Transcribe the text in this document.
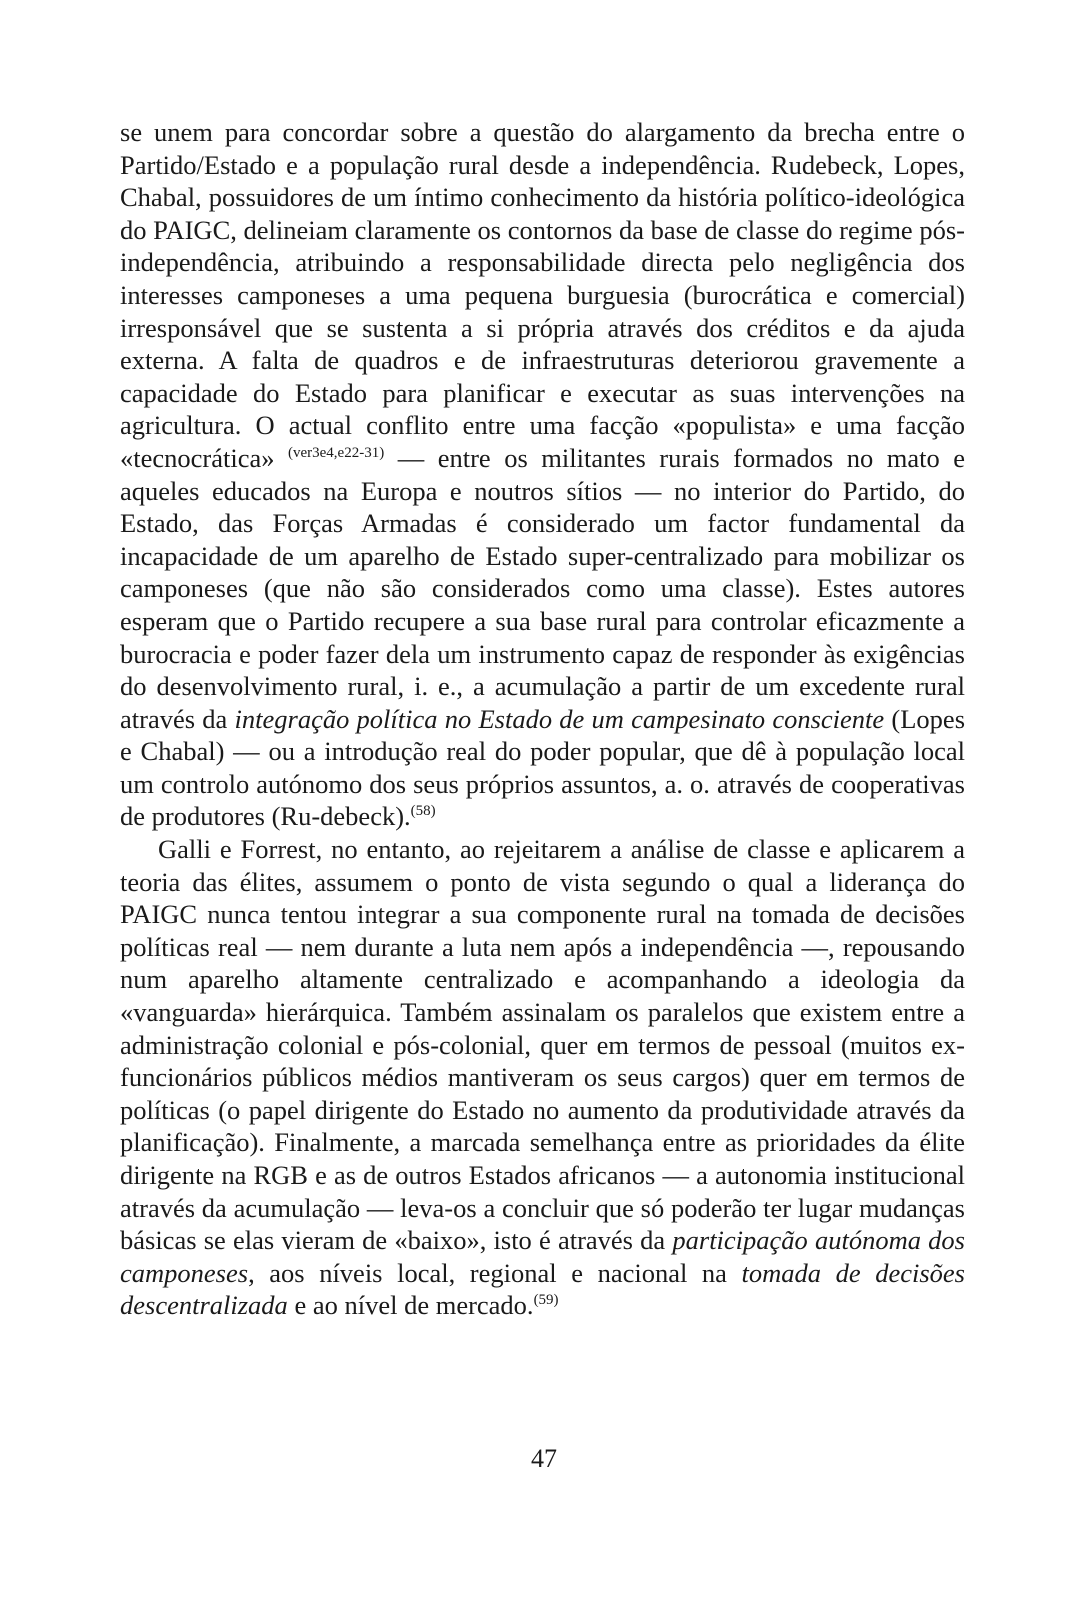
se unem para concordar sobre a questão do alargamento da brecha entre o Partido/Estado e a população rural desde a independência. Rudebeck, Lopes, Chabal, possuidores de um íntimo conhecimento da história político-ideológica do PAIGC, delineiam claramente os contornos da base de classe do regime pós-independência, atribuindo a responsabilidade directa pelo negligência dos interesses camponeses a uma pequena burguesia (burocrática e comercial) irresponsável que se sustenta a si própria através dos créditos e da ajuda externa. A falta de quadros e de infraestruturas deteriorou gravemente a capacidade do Estado para planificar e executar as suas intervenções na agricultura. O actual conflito entre uma facção «populista» e uma facção «tecnocrática» $^{(ver3e4,e22-31)}$ — entre os militantes rurais formados no mato e aqueles educados na Europa e noutros sítios — no interior do Partido, do Estado, das Forças Armadas é considerado um factor fundamental da incapacidade de um aparelho de Estado super-centralizado para mobilizar os camponeses (que não são considerados como uma classe). Estes autores esperam que o Partido recupere a sua base rural para controlar eficazmente a burocracia e poder fazer dela um instrumento capaz de responder às exigências do desenvolvimento rural, i. e., a acumulação a partir de um excedente rural através da integração política no Estado de um campesinato consciente (Lopes e Chabal) — ou a introdução real do poder popular, que dê à população local um controlo autónomo dos seus próprios assuntos, a. o. através de cooperativas de produtores (Ru-debeck).$^{(58)}$

Galli e Forrest, no entanto, ao rejeitarem a análise de classe e aplicarem a teoria das élites, assumem o ponto de vista segundo o qual a liderança do PAIGC nunca tentou integrar a sua componente rural na tomada de decisões políticas real — nem durante a luta nem após a independência —, repousando num aparelho altamente centralizado e acompanhando a ideologia da «vanguarda» hierárquica. Também assinalam os paralelos que existem entre a administração colonial e pós-colonial, quer em termos de pessoal (muitos ex-funcionários públicos médios mantiveram os seus cargos) quer em termos de políticas (o papel dirigente do Estado no aumento da produtividade através da planificação). Finalmente, a marcada semelhança entre as prioridades da élite dirigente na RGB e as de outros Estados africanos — a autonomia institucional através da acumulação — leva-os a concluir que só poderão ter lugar mudanças básicas se elas vieram de «baixo», isto é através da participação autónoma dos camponeses, aos níveis local, regional e nacional na tomada de decisões descentralizada e ao nível de mercado.$^{(59)}$

47
